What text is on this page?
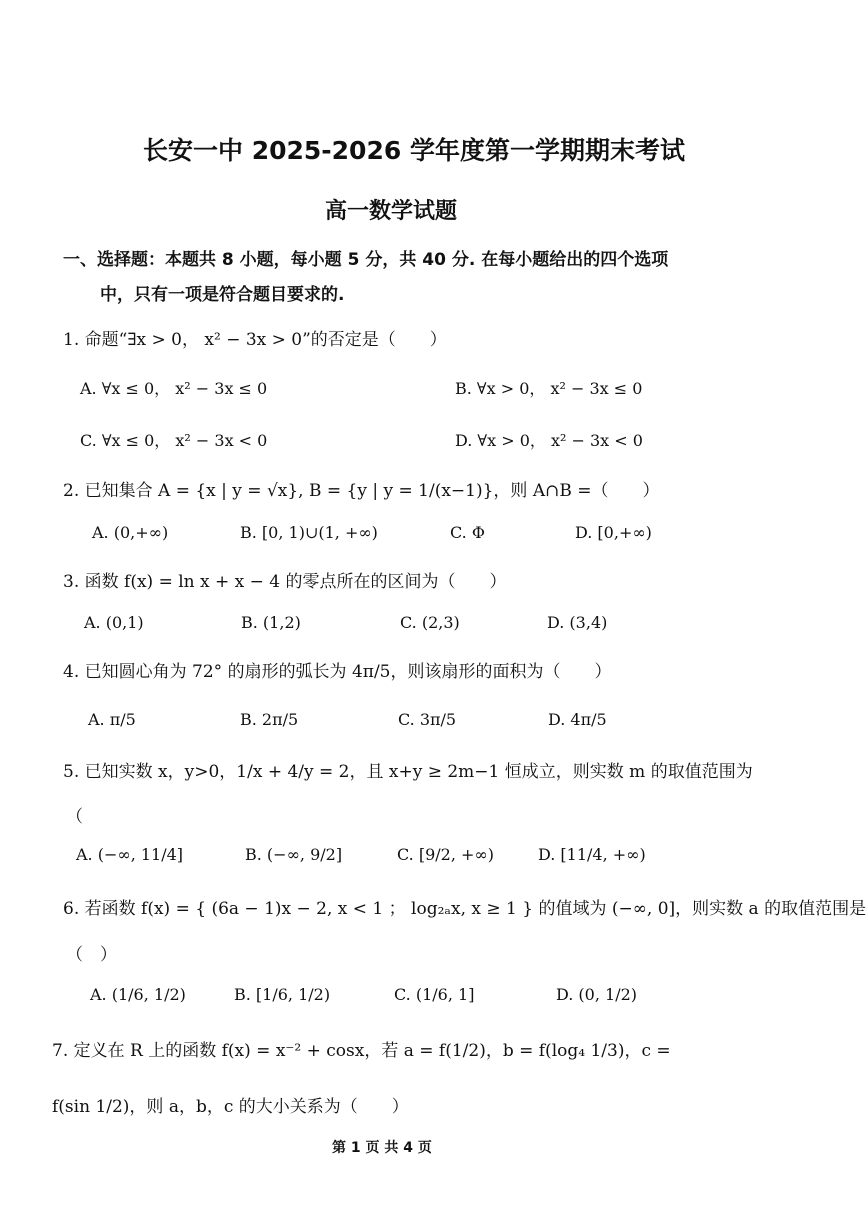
长安一中 2025-2026 学年度第一学期期末考试
高一数学试题
一、选择题：本题共 8 小题，每小题 5 分，共 40 分. 在每小题给出的四个选项
中，只有一项是符合题目要求的.
1. 命题“∃x > 0， x² − 3x > 0”的否定是（　　）
A. ∀x ≤ 0， x² − 3x ≤ 0	B. ∀x > 0， x² − 3x ≤ 0
C. ∀x ≤ 0， x² − 3x < 0	D. ∀x > 0， x² − 3x < 0
2. 已知集合 A = {x | y = √x}, B = {y | y = 1/(x−1)}，则 A∩B =（　　）
A. (0,+∞)	B. [0, 1)∪(1, +∞)	C. Φ	D. [0,+∞)
3. 函数 f(x) = ln x + x − 4 的零点所在的区间为（　　）
A. (0,1)	B. (1,2)	C. (2,3)	D. (3,4)
4. 已知圆心角为 72° 的扇形的弧长为 4π/5，则该扇形的面积为（　　）
A. π/5	B. 2π/5	C. 3π/5	D. 4π/5
5. 已知实数 x，y>0，1/x + 4/y = 2，且 x+y ≥ 2m−1 恒成立，则实数 m 的取值范围为
（
A. (−∞, 11/4]	B. (−∞, 9/2]	C. [9/2, +∞)	D. [11/4, +∞)
6. 若函数 f(x) = { (6a − 1)x − 2, x < 1 ； log₂ₐx, x ≥ 1 } 的值域为 (−∞, 0]，则实数 a 的取值范围是
（　）
A. (1/6, 1/2)	B. [1/6, 1/2)	C. (1/6, 1]	D. (0, 1/2)
7. 定义在 R 上的函数 f(x) = x⁻² + cosx，若 a = f(1/2)，b = f(log₄ 1/3)，c =
f(sin 1/2)，则 a，b，c 的大小关系为（　　）
第 1 页 共 4 页
